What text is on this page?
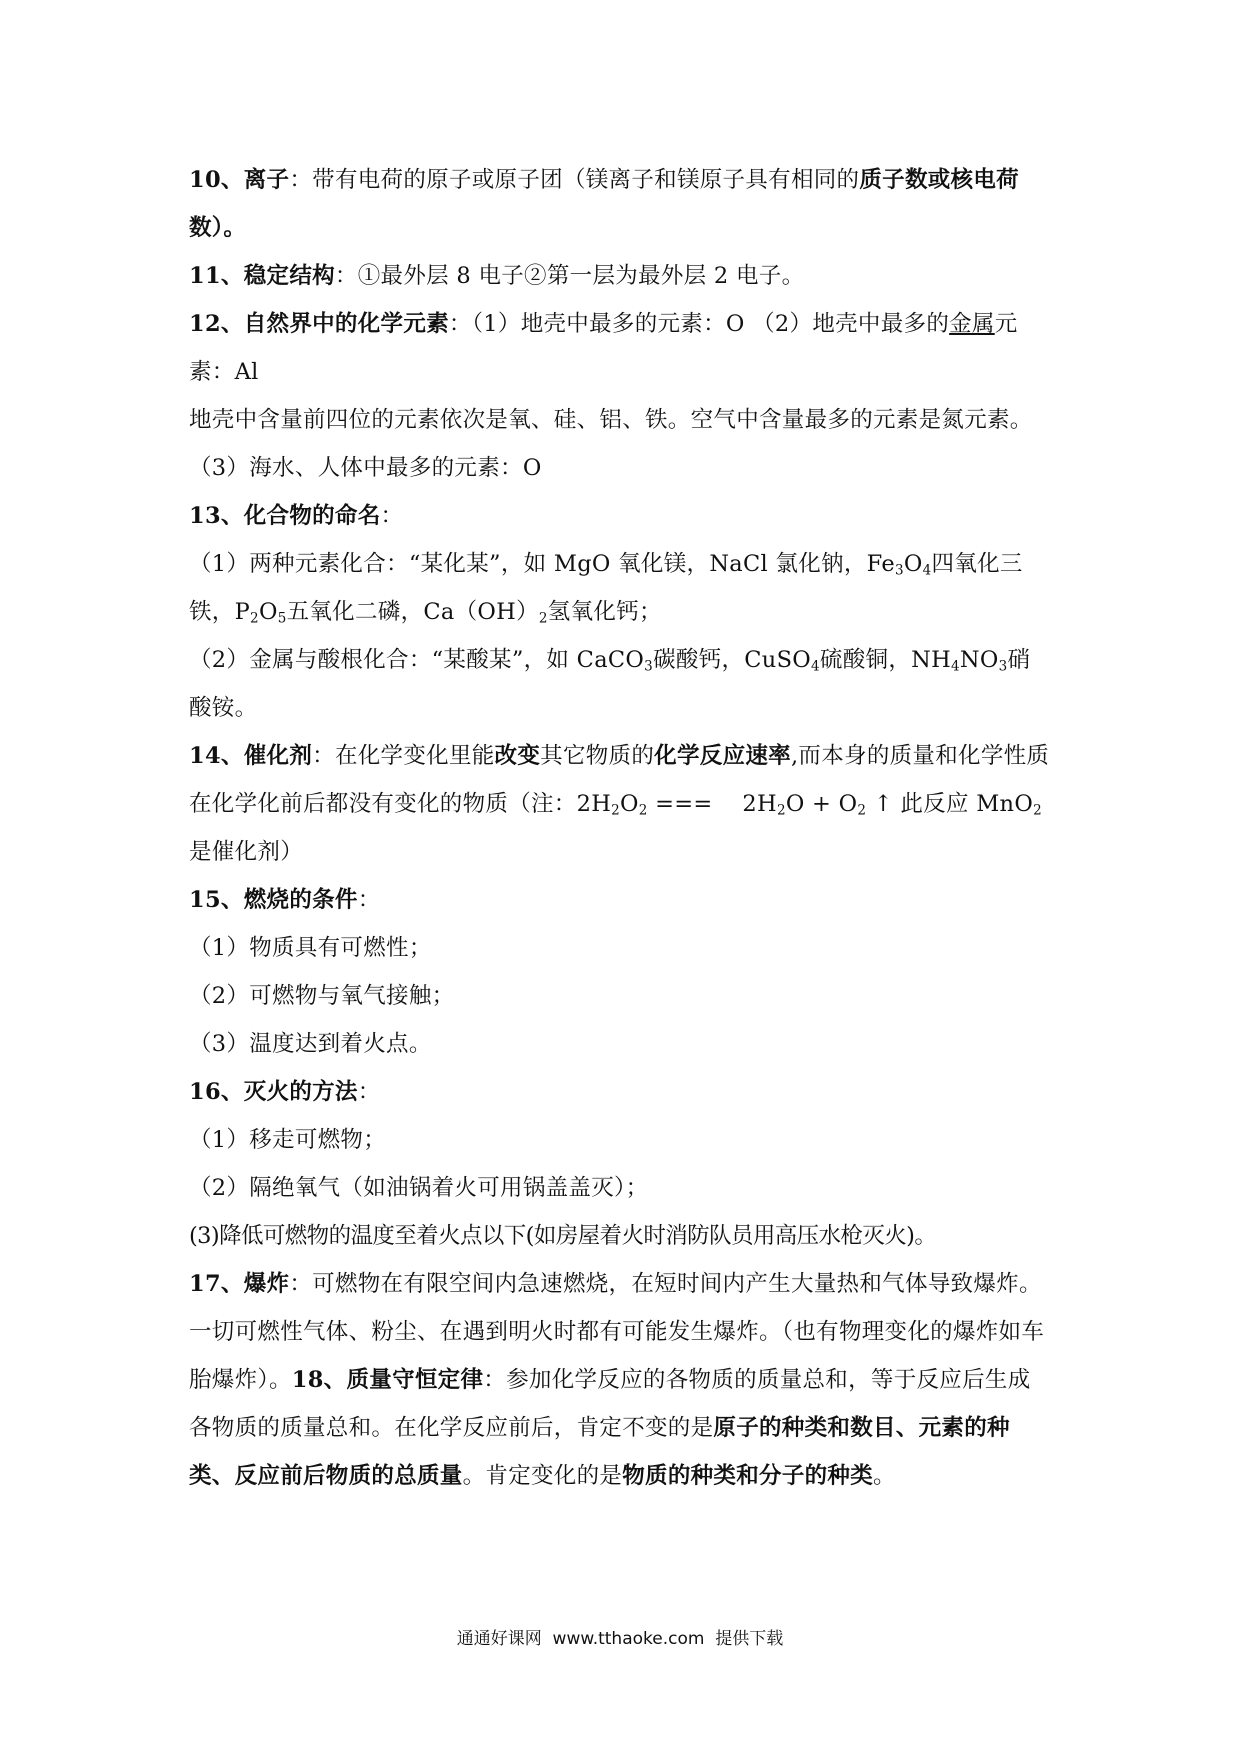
10、离子：带有电荷的原子或原子团（镁离子和镁原子具有相同的质子数或核电荷数）。

11、稳定结构：①最外层 8 电子②第一层为最外层 2 电子。

12、自然界中的化学元素：（1）地壳中最多的元素：O （2）地壳中最多的金属元素：Al

地壳中含量前四位的元素依次是氧、硅、铝、铁。空气中含量最多的元素是氮元素。（3）海水、人体中最多的元素：O

13、化合物的命名：

（1）两种元素化合：“某化某”，如 MgO 氧化镁，NaCl 氯化钠，$Fe_3O_4$四氧化三铁，$P_2O_5$五氧化二磷，$Ca(OH)_2$氢氧化钙；

（2）金属与酸根化合：“某酸某”，如 CaCO$_3$碳酸钙，CuSO$_4$硫酸铜，$NH_4NO_3$硝酸铵。

14、催化剂：在化学变化里能改变其它物质的化学反应速率,而本身的质量和化学性质在化学化前后都没有变化的物质（注：$2H_2O_2$ ===    $2H_2O + O_2$ ↑ 此反应 MnO$_2$是催化剂）

15、燃烧的条件：

（1）物质具有可燃性；

（2）可燃物与氧气接触；

（3）温度达到着火点。

16、灭火的方法：

（1）移走可燃物；

（2）隔绝氧气（如油锅着火可用锅盖盖灭）；

(3)降低可燃物的温度至着火点以下(如房屋着火时消防队员用高压水枪灭火)。

17、爆炸：可燃物在有限空间内急速燃烧，在短时间内产生大量热和气体导致爆炸。一切可燃性气体、粉尘、在遇到明火时都有可能发生爆炸。（也有物理变化的爆炸如车胎爆炸）。18、质量守恒定律：参加化学反应的各物质的质量总和，等于反应后生成各物质的质量总和。在化学反应前后，肯定不变的是原子的种类和数目、元素的种类、反应前后物质的总质量。肯定变化的是物质的种类和分子的种类。

通通好课网  www.tthaoke.com  提供下载
